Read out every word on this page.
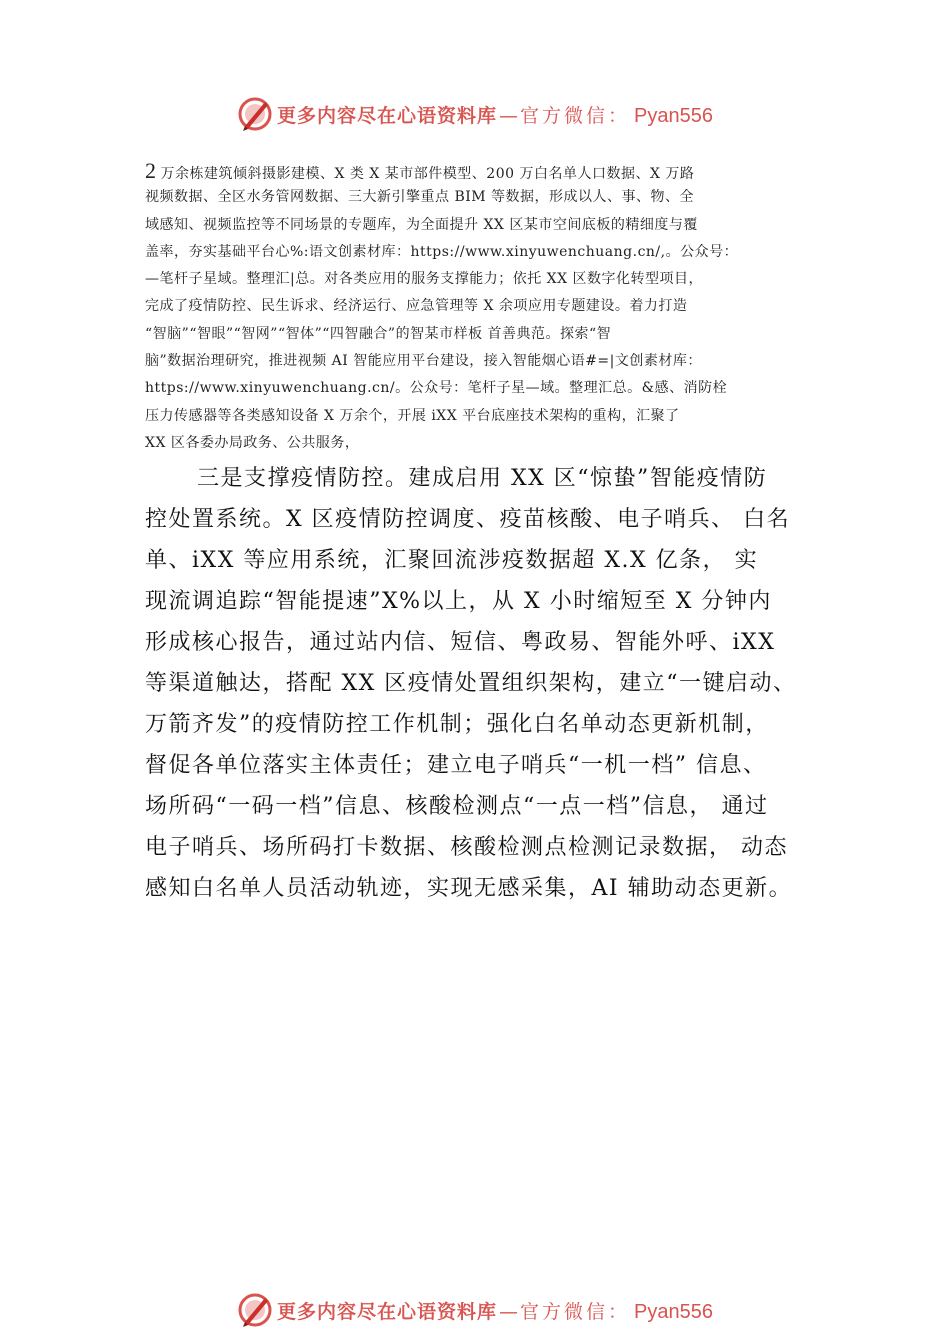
更多内容尽在心语资料库 — 官方微信： Pyan556
2 万余栋建筑倾斜摄影建模、X 类 X 某市部件模型、200 万白名单人口数据、X 万路
视频数据、全区水务管网数据、三大新引擎重点 BIM 等数据，形成以人、事、物、全
域感知、视频监控等不同场景的专题库，为全面提升 XX 区某市空间底板的精细度与覆
盖率，夯实基础平台心%:语文创素材库：https://www.xinyuwenchuang.cn/,。公众号：
—笔杆子星域。整理汇|总。对各类应用的服务支撑能力；依托 XX 区数字化转型项目，
完成了疫情防控、民生诉求、经济运行、应急管理等 X 余项应用专题建设。着力打造
“智脑”“智眼”“智网”“智体”“四智融合”的智某市样板 首善典范。探索“智
脑”数据治理研究，推进视频 AI 智能应用平台建设，接入智能烟心语#=|文创素材库：
https://www.xinyuwenchuang.cn/。公众号：笔杆子星—域。整理汇总。&感、消防栓
压力传感器等各类感知设备 X 万余个，开展 iXX 平台底座技术架构的重构，汇聚了
XX 区各委办局政务、公共服务，
三是支撑疫情防控。建成启用 XX 区“惊蛰”智能疫情防
控处置系统。X 区疫情防控调度、疫苗核酸、电子哨兵、 白名
单、iXX 等应用系统，汇聚回流涉疫数据超 X.X 亿条， 实
现流调追踪“智能提速”X%以上，从 X 小时缩短至 X 分钟内
形成核心报告，通过站内信、短信、粤政易、智能外呼、iXX
等渠道触达，搭配 XX 区疫情处置组织架构，建立“一键启动、
万箭齐发”的疫情防控工作机制；强化白名单动态更新机制，
督促各单位落实主体责任；建立电子哨兵“一机一档” 信息、
场所码“一码一档”信息、核酸检测点“一点一档”信息， 通过
电子哨兵、场所码打卡数据、核酸检测点检测记录数据， 动态
感知白名单人员活动轨迹，实现无感采集，AI 辅助动态更新。
更多内容尽在心语资料库 — 官方微信： Pyan556
